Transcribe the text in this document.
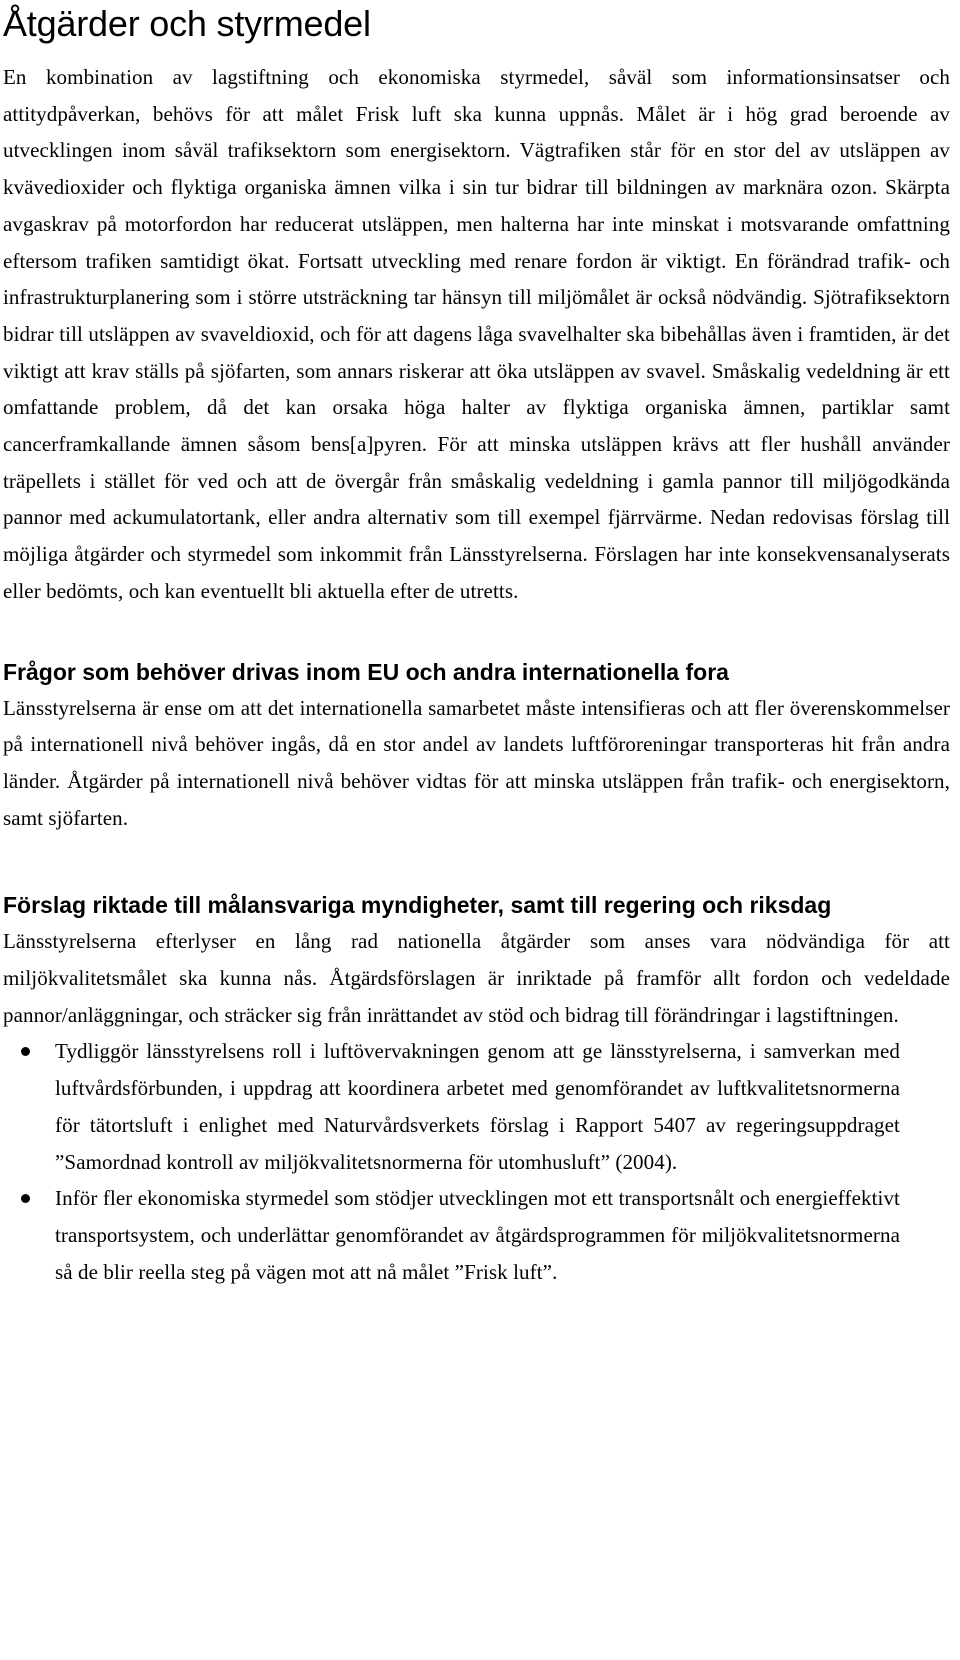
Åtgärder och styrmedel

En kombination av lagstiftning och ekonomiska styrmedel, såväl som informationsinsatser och attitydpåverkan, behövs för att målet Frisk luft ska kunna uppnås. Målet är i hög grad beroende av utvecklingen inom såväl trafiksektorn som energisektorn. Vägtrafiken står för en stor del av utsläppen av kvävedioxider och flyktiga organiska ämnen vilka i sin tur bidrar till bildningen av marknära ozon. Skärpta avgaskrav på motorfordon har reducerat utsläppen, men halterna har inte minskat i motsvarande omfattning eftersom trafiken samtidigt ökat. Fortsatt utveckling med renare fordon är viktigt. En förändrad trafik- och infrastrukturplanering som i större utsträckning tar hänsyn till miljömålet är också nödvändig. Sjötrafiksektorn bidrar till utsläppen av svaveldioxid, och för att dagens låga svavelhalter ska bibehållas även i framtiden, är det viktigt att krav ställs på sjöfarten, som annars riskerar att öka utsläppen av svavel. Småskalig vedeldning är ett omfattande problem, då det kan orsaka höga halter av flyktiga organiska ämnen, partiklar samt cancerframkallande ämnen såsom bens[a]pyren. För att minska utsläppen krävs att fler hushåll använder träpellets i stället för ved och att de övergår från småskalig vedeldning i gamla pannor till miljögodkända pannor med ackumulatortank, eller andra alternativ som till exempel fjärrvärme. Nedan redovisas förslag till möjliga åtgärder och styrmedel som inkommit från Länsstyrelserna. Förslagen har inte konsekvensanalyserats eller bedömts, och kan eventuellt bli aktuella efter de utretts.

Frågor som behöver drivas inom EU och andra internationella fora

Länsstyrelserna är ense om att det internationella samarbetet måste intensifieras och att fler överenskommelser på internationell nivå behöver ingås, då en stor andel av landets luftföroreningar transporteras hit från andra länder. Åtgärder på internationell nivå behöver vidtas för att minska utsläppen från trafik- och energisektorn, samt sjöfarten.

Förslag riktade till målansvariga myndigheter, samt till regering och riksdag

Länsstyrelserna efterlyser en lång rad nationella åtgärder som anses vara nödvändiga för att miljökvalitetsmålet ska kunna nås. Åtgärdsförslagen är inriktade på framför allt fordon och vedeldade pannor/anläggningar, och sträcker sig från inrättandet av stöd och bidrag till förändringar i lagstiftningen.

Tydliggör länsstyrelsens roll i luftövervakningen genom att ge länsstyrelserna, i samverkan med luftvårdsförbunden, i uppdrag att koordinera arbetet med genomförandet av luftkvalitetsnormerna för tätortsluft i enlighet med Naturvårdsverkets förslag i Rapport 5407 av regeringsuppdraget ”Samordnad kontroll av miljökvalitetsnormerna för utomhusluft” (2004).
Inför fler ekonomiska styrmedel som stödjer utvecklingen mot ett transportsnålt och energieffektivt transportsystem, och underlättar genomförandet av åtgärdsprogrammen för miljökvalitetsnormerna så de blir reella steg på vägen mot att nå målet ”Frisk luft”.
